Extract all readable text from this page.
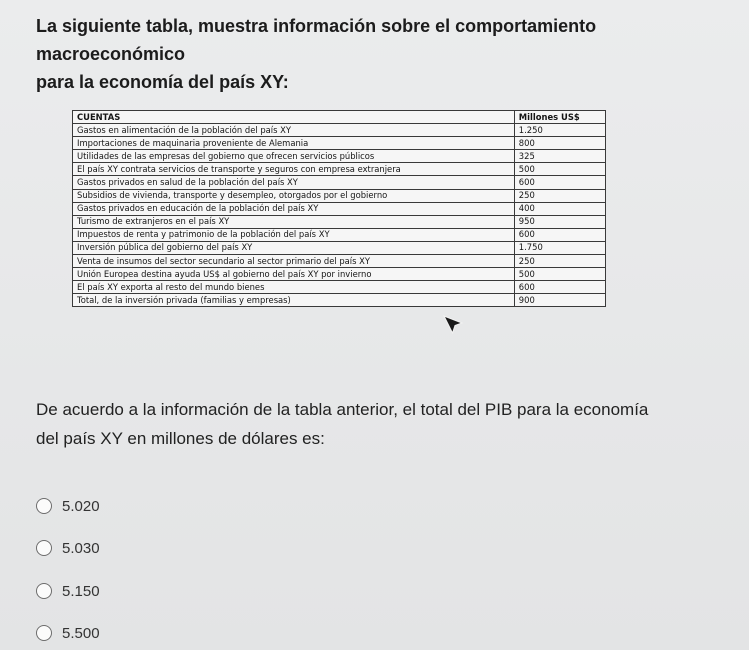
La siguiente tabla, muestra información sobre el comportamiento macroeconómico
para la economía del país XY:
CUENTAS	Millones US$
Gastos en alimentación de la población del país XY	1.250
Importaciones de maquinaria proveniente de Alemania	800
Utilidades de las empresas del gobierno que ofrecen servicios públicos	325
El país XY contrata servicios de transporte y seguros con empresa extranjera	500
Gastos privados en salud de la población del país XY	600
Subsidios de vivienda, transporte y desempleo, otorgados por el gobierno	250
Gastos privados en educación de la población del país XY	400
Turismo de extranjeros en el país XY	950
Impuestos de renta y patrimonio de la población del país XY	600
Inversión pública del gobierno del país XY	1.750
Venta de insumos del sector secundario al sector primario del país XY	250
Unión Europea destina ayuda US$ al gobierno del país XY por invierno	500
El país XY exporta al resto del mundo bienes	600
Total, de la inversión privada (familias y empresas)	900
De acuerdo a la información de la tabla anterior, el total del PIB para la economía
del país XY en millones de dólares es:
5.020
5.030
5.150
5.500
